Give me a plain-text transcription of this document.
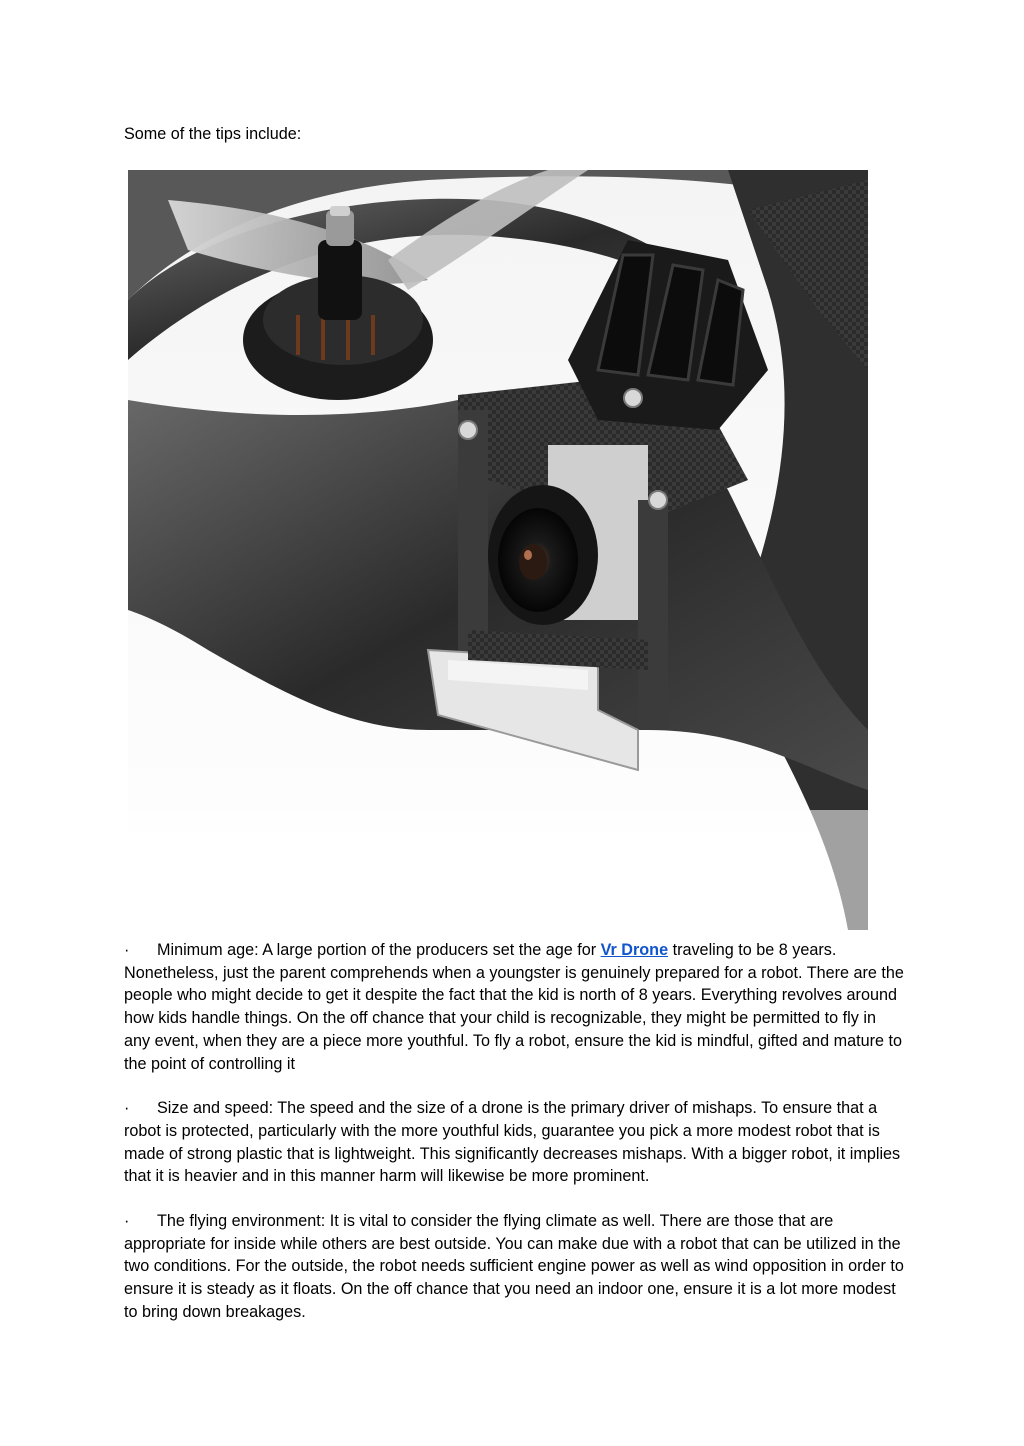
Some of the tips include:

· Minimum age: A large portion of the producers set the age for Vr Drone traveling to be 8 years. Nonetheless, just the parent comprehends when a youngster is genuinely prepared for a robot. There are the people who might decide to get it despite the fact that the kid is north of 8 years. Everything revolves around how kids handle things. On the off chance that your child is recognizable, they might be permitted to fly in any event, when they are a piece more youthful. To fly a robot, ensure the kid is mindful, gifted and mature to the point of controlling it

· Size and speed: The speed and the size of a drone is the primary driver of mishaps. To ensure that a robot is protected, particularly with the more youthful kids, guarantee you pick a more modest robot that is made of strong plastic that is lightweight. This significantly decreases mishaps. With a bigger robot, it implies that it is heavier and in this manner harm will likewise be more prominent.

· The flying environment: It is vital to consider the flying climate as well. There are those that are appropriate for inside while others are best outside. You can make due with a robot that can be utilized in the two conditions. For the outside, the robot needs sufficient engine power as well as wind opposition in order to ensure it is steady as it floats. On the off chance that you need an indoor one, ensure it is a lot more modest to bring down breakages.
